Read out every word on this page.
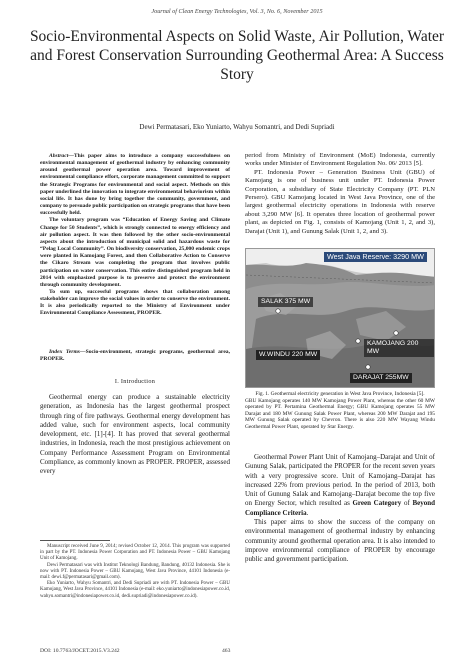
Journal of Clean Energy Technologies, Vol. 3, No. 6, November 2015
Socio-Environmental Aspects on Solid Waste, Air Pollution, Water and Forest Conservation Surrounding Geothermal Area: A Success Story
Dewi Permatasari, Eko Yuniarto, Wahyu Somantri, and Dedi Supriadi

Abstract—This paper aims to introduce a company successfulness on environmental management of geothermal industry by enhancing community around geothermal power operation area. Toward improvement of environmental compliance effort, corporate management committed to support the Strategic Programs for environmental and social aspect. Methods on this paper underlined the innovation to integrate environmental behaviorism within social life. It has done by bring together the community, government, and company to persuade public participation on strategic programs that have been successfully held.

The voluntary program was “Education of Energy Saving and Climate Change for 50 Students”, which is strongly connected to energy efficiency and air pollution aspect. It was then followed by the other socio-environmental aspects about the introduction of municipal solid and hazardous waste for “Pelag Local Community”. On biodiversity conservation, 25,000 endemic crops were planted in Kamojang Forest, and then Collaborative Action to Conserve the Cikaro Stream was completing the program that involves public participation on water conservation. This entire distinguished program held in 2014 with emphasized purpose is to preserve and protect the environment through community development.

To sum up, successful programs shows that collaboration among stakeholder can improve the social values in order to conserve the environment. It is also periodically reported to the Ministry of Environment under Environmental Compliance Assessment, PROPER.

Index Terms—Socio-environment, strategic programs, geothermal area, PROPER.

I. Introduction

Geothermal energy can produce a sustainable electricity generation, as Indonesia has the largest geothermal prospect through ring of fire pathways. Geothermal energy development has added value, such for environment aspects, local community development, etc. [1]-[4]. It has proved that several geothermal industries, in Indonesia, reach the most prestigious achievement on Company Performance Assessment Program on Environmental Compliance, as commonly known as PROPER. PROPER, assessed every

Manuscript received June 9, 2014; revised October 12, 2014. This program was supported in part by the PT. Indonesia Power Corporation and PT. Indonesia Power – GBU Kamojang Unit of Kamojang.

Dewi Permatasari was with Institut Teknologi Bandung, Bandung, 40132 Indonesia. She is now with PT. Indonesia Power – GBU Kamojang, West Java Province, 44101 Indonesia (e-mail: dewi.f@permatasari@gmail.com).

Eko Yuniarto, Wahyu Somantri, and Dedi Supriadi are with PT. Indonesia Power – GBU Kamojang, West Java Province, 44101 Indonesia (e-mail: eko.yuniarto@indonesiapower.co.id, wahyu.somantri@indonesiapower.co.id, dedi.supriadi@indonesiapower.co.id).

DOI: 10.7763/JOCET.2015.V3.242	463

period from Ministry of Environment (MoE) Indonesia, currently works under Minister of Environment Regulation No. 06/ 2013 [5].

PT. Indonesia Power – Generation Business Unit (GBU) of Kamojang is one of business unit under PT. Indonesia Power Corporation, a subsidiary of State Electricity Company (PT. PLN Persero). GBU Kamojang located in West Java Province, one of the largest geothermal electricity operations in Indonesia with reserve about 3,290 MW [6]. It operates three location of geothermal power plant, as depicted on Fig. 1, consists of Kamojang (Unit 1, 2, and 3), Darajat (Unit 1), and Gunung Salak (Unit 1, 2, and 3).

West Java Reserve: 3290 MW
SALAK 375 MW
KAMOJANG 200 MW
W.WINDU 220 MW
DARAJAT 255MW

Fig. 1. Geothermal electricity generation in West Java Province, Indonesia [5].

GBU Kamojang operates 140 MW Kamojang Power Plant, whereas the other 60 MW operated by PT. Pertamina Geothermal Energy; GBU Kamojang operates 55 MW Darajat and 180 MW Gunung Salak Power Plant, whereas 200 MW Darajat and 195 MW Gunung Salak operated by Chevron. There is also 220 MW Wayang Windu Geothermal Power Plant, operated by Star Energy.

Geothermal Power Plant Unit of Kamojang–Darajat and Unit of Gunung Salak, participated the PROPER for the recent seven years with a very progressive score. Unit of Kamojang–Darajat has increased 22% from previous period. In the period of 2013, both Unit of Gunung Salak and Kamojang–Darajat become the top five on Energy Sector, which resulted as Green Category of Beyond Compliance Criteria.

This paper aims to show the success of the company on environmental management of geothermal industry by enhancing community around geothermal operation area. It is also intended to improve environmental compliance of PROPER by encourage public and government participation.
